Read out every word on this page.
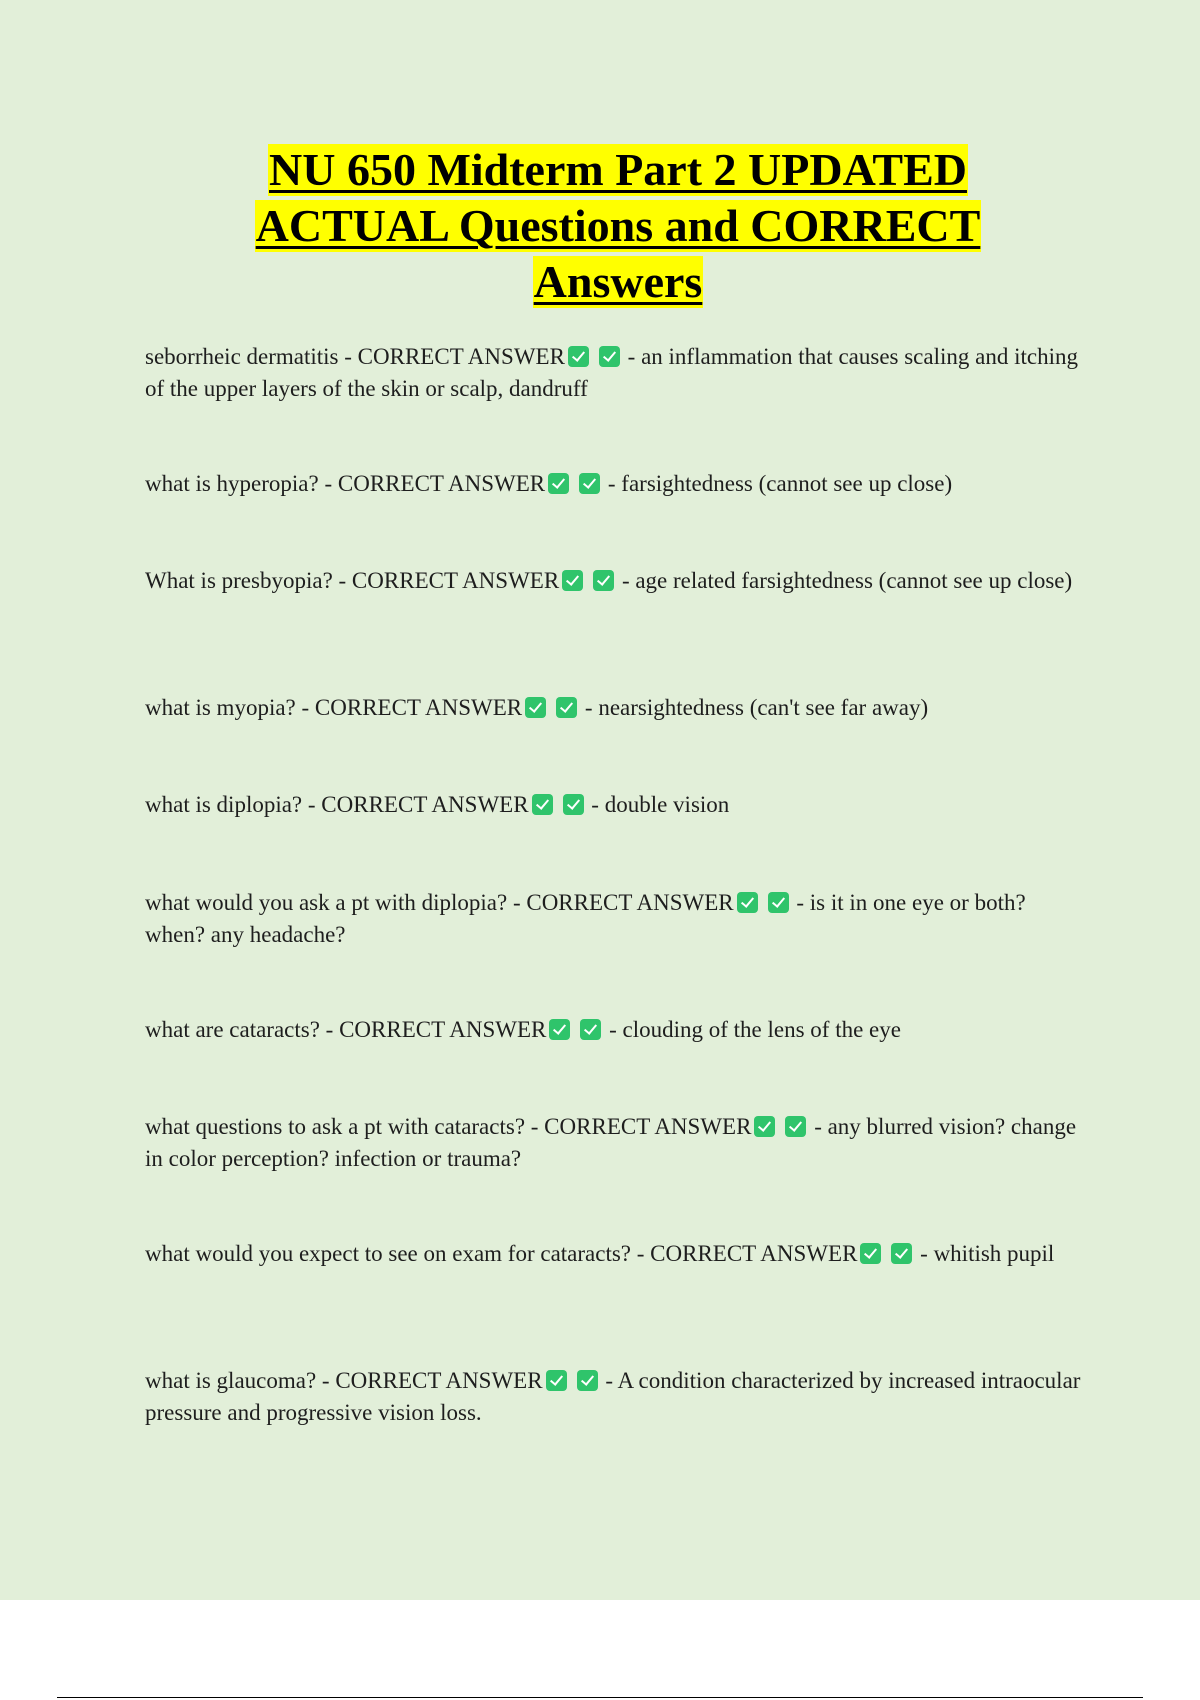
NU 650 Midterm Part 2 UPDATED
ACTUAL Questions and CORRECT
Answers
seborrheic dermatitis - CORRECT ANSWER	- an inflammation that causes scaling and itching of the upper layers of the skin or scalp, dandruff
what is hyperopia? - CORRECT ANSWER	- farsightedness (cannot see up close)
What is presbyopia? - CORRECT ANSWER	- age related farsightedness (cannot see up close)
what is myopia? - CORRECT ANSWER	- nearsightedness (can't see far away)
what is diplopia? - CORRECT ANSWER	- double vision
what would you ask a pt with diplopia? - CORRECT ANSWER	- is it in one eye or both? when? any headache?
what are cataracts? - CORRECT ANSWER	- clouding of the lens of the eye
what questions to ask a pt with cataracts? - CORRECT ANSWER	- any blurred vision? change in color perception? infection or trauma?
what would you expect to see on exam for cataracts? - CORRECT ANSWER	- whitish pupil
what is glaucoma? - CORRECT ANSWER	- A condition characterized by increased intraocular pressure and progressive vision loss.
